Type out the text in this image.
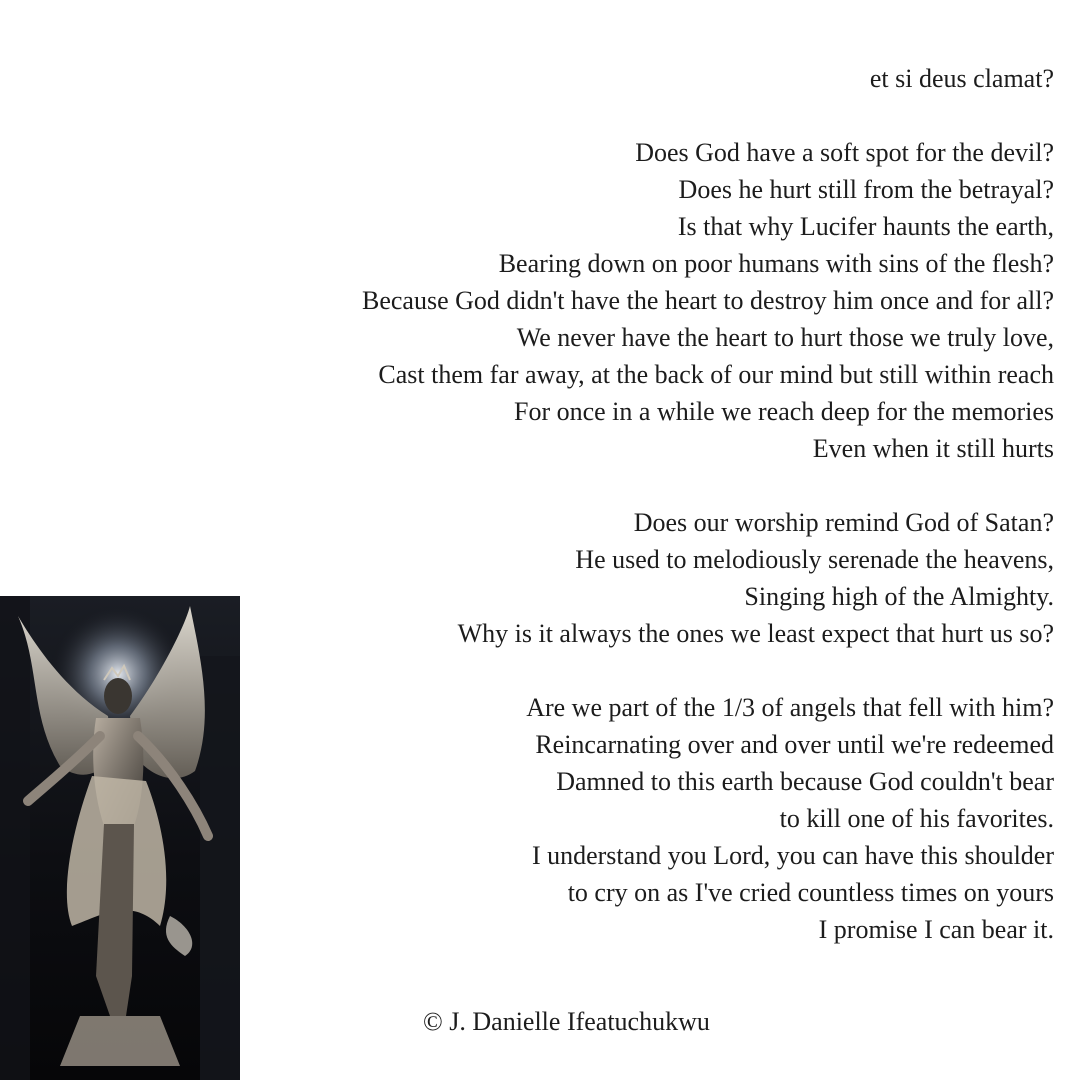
et si deus clamat?
Does God have a soft spot for the devil?
Does he hurt still from the betrayal?
Is that why Lucifer haunts the earth,
Bearing down on poor humans with sins of the flesh?
Because God didn't have the heart to destroy him once and for all?
We never have the heart to hurt those we truly love,
Cast them far away, at the back of our mind but still within reach
For once in a while we reach deep for the memories
Even when it still hurts
Does our worship remind God of Satan?
He used to melodiously serenade the heavens,
Singing high of the Almighty.
Why is it always the ones we least expect that hurt us so?
Are we part of the 1/3 of angels that fell with him?
Reincarnating over and over until we're redeemed
Damned to this earth because God couldn't bear
to kill one of his favorites.
I understand you Lord, you can have this shoulder
to cry on as I've cried countless times on yours
I promise I can bear it.
© J. Danielle Ifeatuchukwu
